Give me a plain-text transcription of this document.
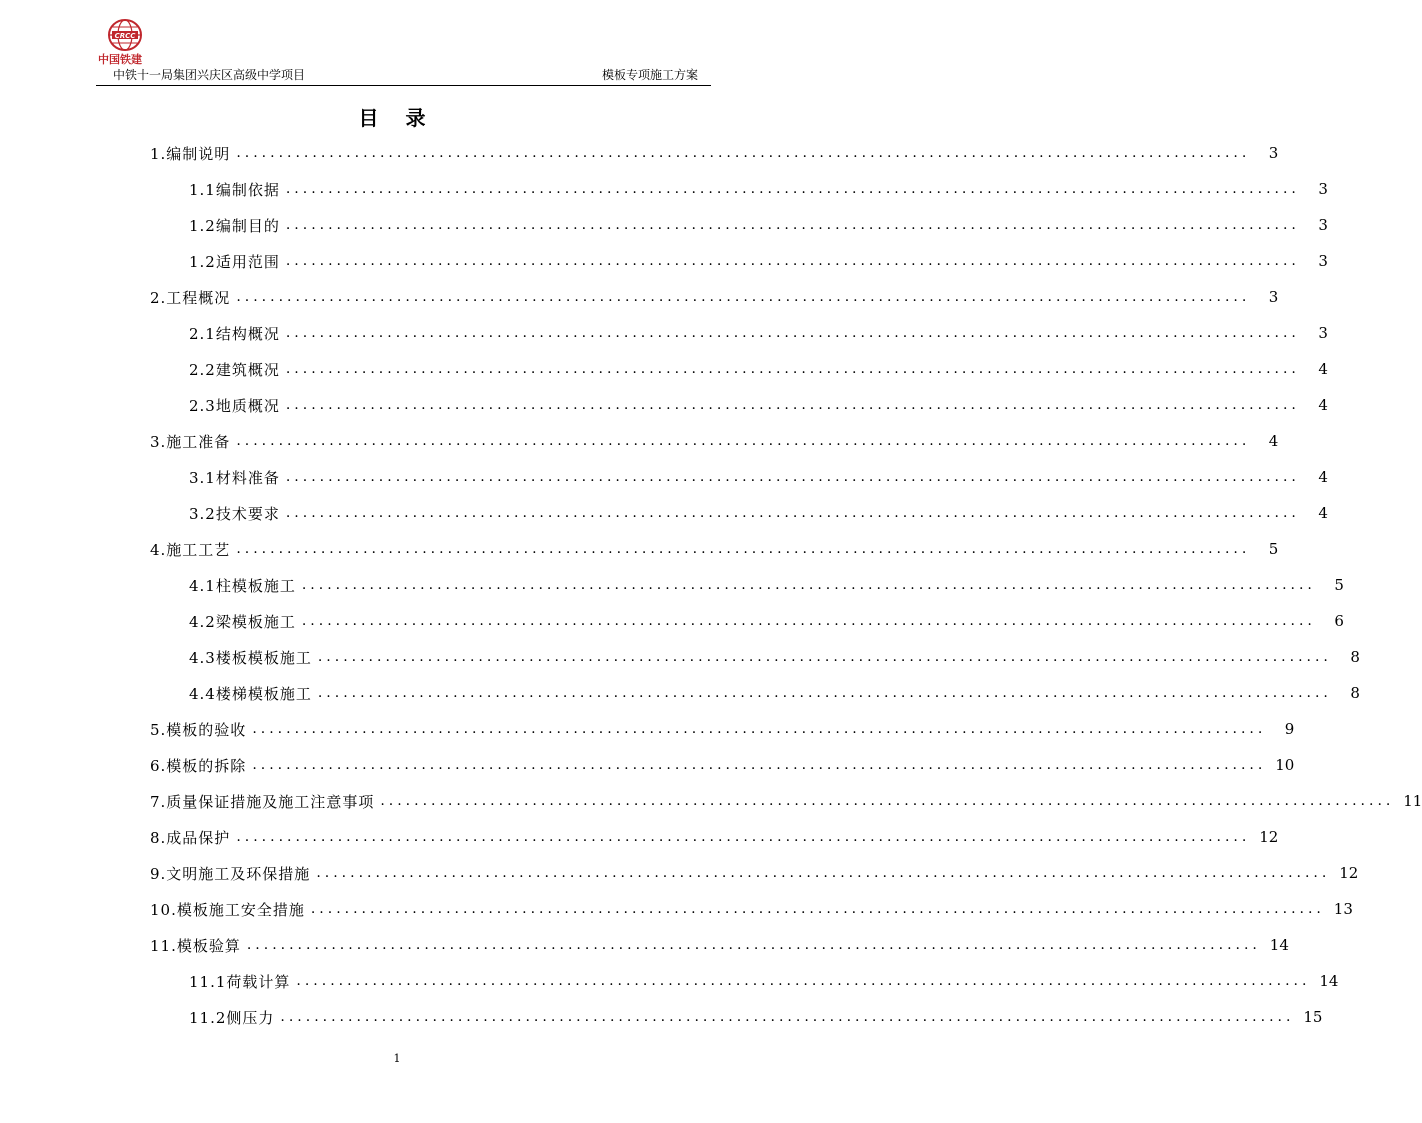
CRCC
中国铁建
中铁十一局集团兴庆区高级中学项目	模板专项施工方案
目 录
1.编制说明 ........................................................................................................................	3
1.1编制依据 ........................................................................................................................	3
1.2编制目的 ........................................................................................................................	3
1.2适用范围 ........................................................................................................................	3
2.工程概况 ........................................................................................................................	3
2.1结构概况 ........................................................................................................................	3
2.2建筑概况 ........................................................................................................................	4
2.3地质概况 ........................................................................................................................	4
3.施工准备 ........................................................................................................................	4
3.1材料准备 ........................................................................................................................	4
3.2技术要求 ........................................................................................................................	4
4.施工工艺 ........................................................................................................................	5
4.1柱模板施工 ........................................................................................................................	5
4.2梁模板施工 ........................................................................................................................	6
4.3楼板模板施工 ........................................................................................................................	8
4.4楼梯模板施工 ........................................................................................................................	8
5.模板的验收 ........................................................................................................................	9
6.模板的拆除 ........................................................................................................................ 10
7.质量保证措施及施工注意事项 ........................................................................................................................ 11
8.成品保护 ........................................................................................................................ 12
9.文明施工及环保措施 ........................................................................................................................ 12
10.模板施工安全措施 ........................................................................................................................ 13
11.模板验算 ........................................................................................................................ 14
11.1荷载计算 ........................................................................................................................ 14
11.2侧压力 ........................................................................................................................ 15
1
